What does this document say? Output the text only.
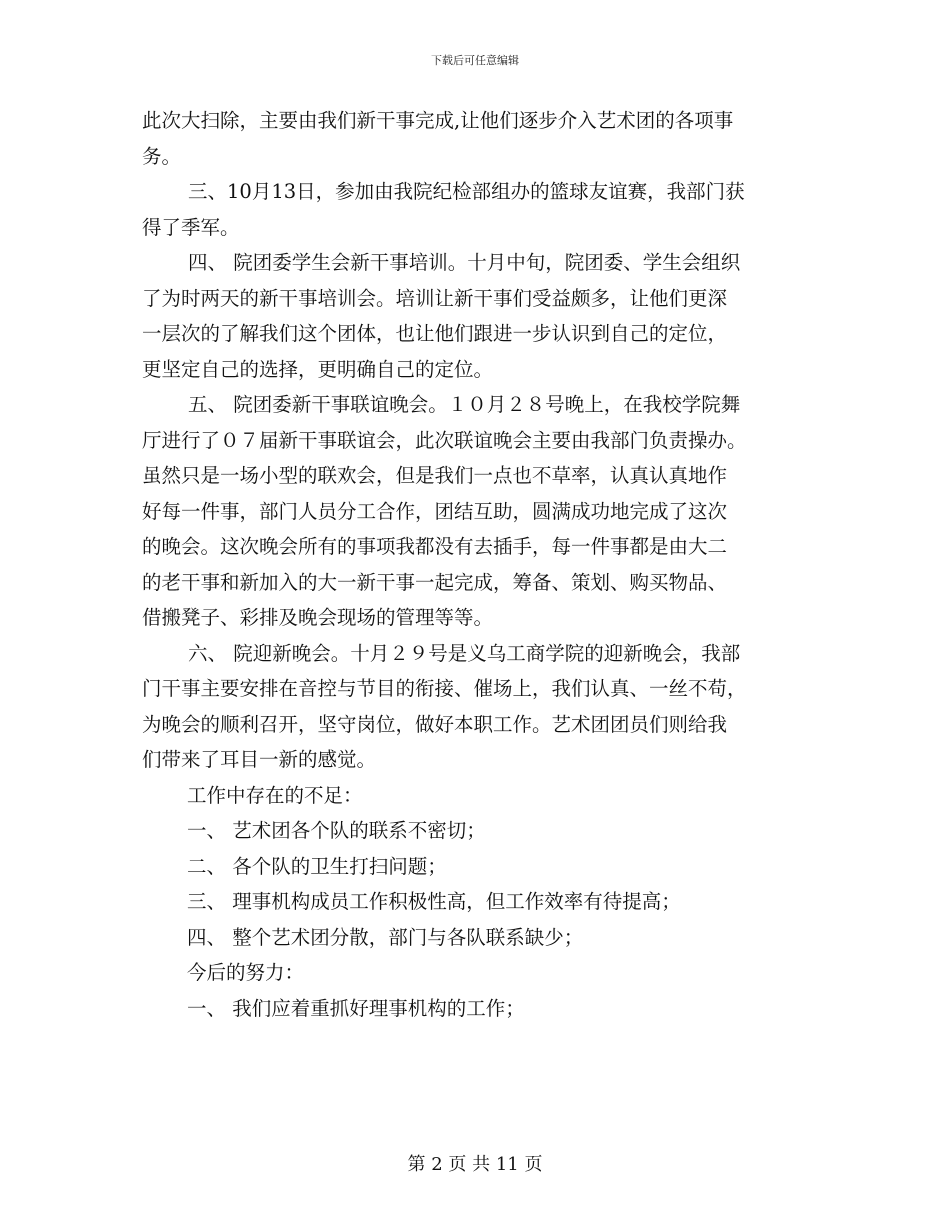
下载后可任意编辑

此次大扫除，主要由我们新干事完成,让他们逐步介入艺术团的各项事

务。

三、10月13日，参加由我院纪检部组办的篮球友谊赛，我部门获

得了季军。

四、 院团委学生会新干事培训。十月中旬，院团委、学生会组织

了为时两天的新干事培训会。培训让新干事们受益颇多，让他们更深

一层次的了解我们这个团体，也让他们跟进一步认识到自己的定位，

更坚定自己的选择，更明确自己的定位。

五、 院团委新干事联谊晚会。１０月２８号晚上，在我校学院舞

厅进行了０７届新干事联谊会，此次联谊晚会主要由我部门负责操办。

虽然只是一场小型的联欢会，但是我们一点也不草率，认真认真地作

好每一件事，部门人员分工合作，团结互助，圆满成功地完成了这次

的晚会。这次晚会所有的事项我都没有去插手，每一件事都是由大二

的老干事和新加入的大一新干事一起完成，筹备、策划、购买物品、

借搬凳子、彩排及晚会现场的管理等等。

六、 院迎新晚会。十月２９号是义乌工商学院的迎新晚会，我部

门干事主要安排在音控与节目的衔接、催场上，我们认真、一丝不苟，

为晚会的顺利召开，坚守岗位，做好本职工作。艺术团团员们则给我

们带来了耳目一新的感觉。

工作中存在的不足：

一、 艺术团各个队的联系不密切；

二、 各个队的卫生打扫问题；

三、 理事机构成员工作积极性高，但工作效率有待提高；

四、 整个艺术团分散，部门与各队联系缺少；

今后的努力：

一、 我们应着重抓好理事机构的工作；

第 2 页 共 11 页
